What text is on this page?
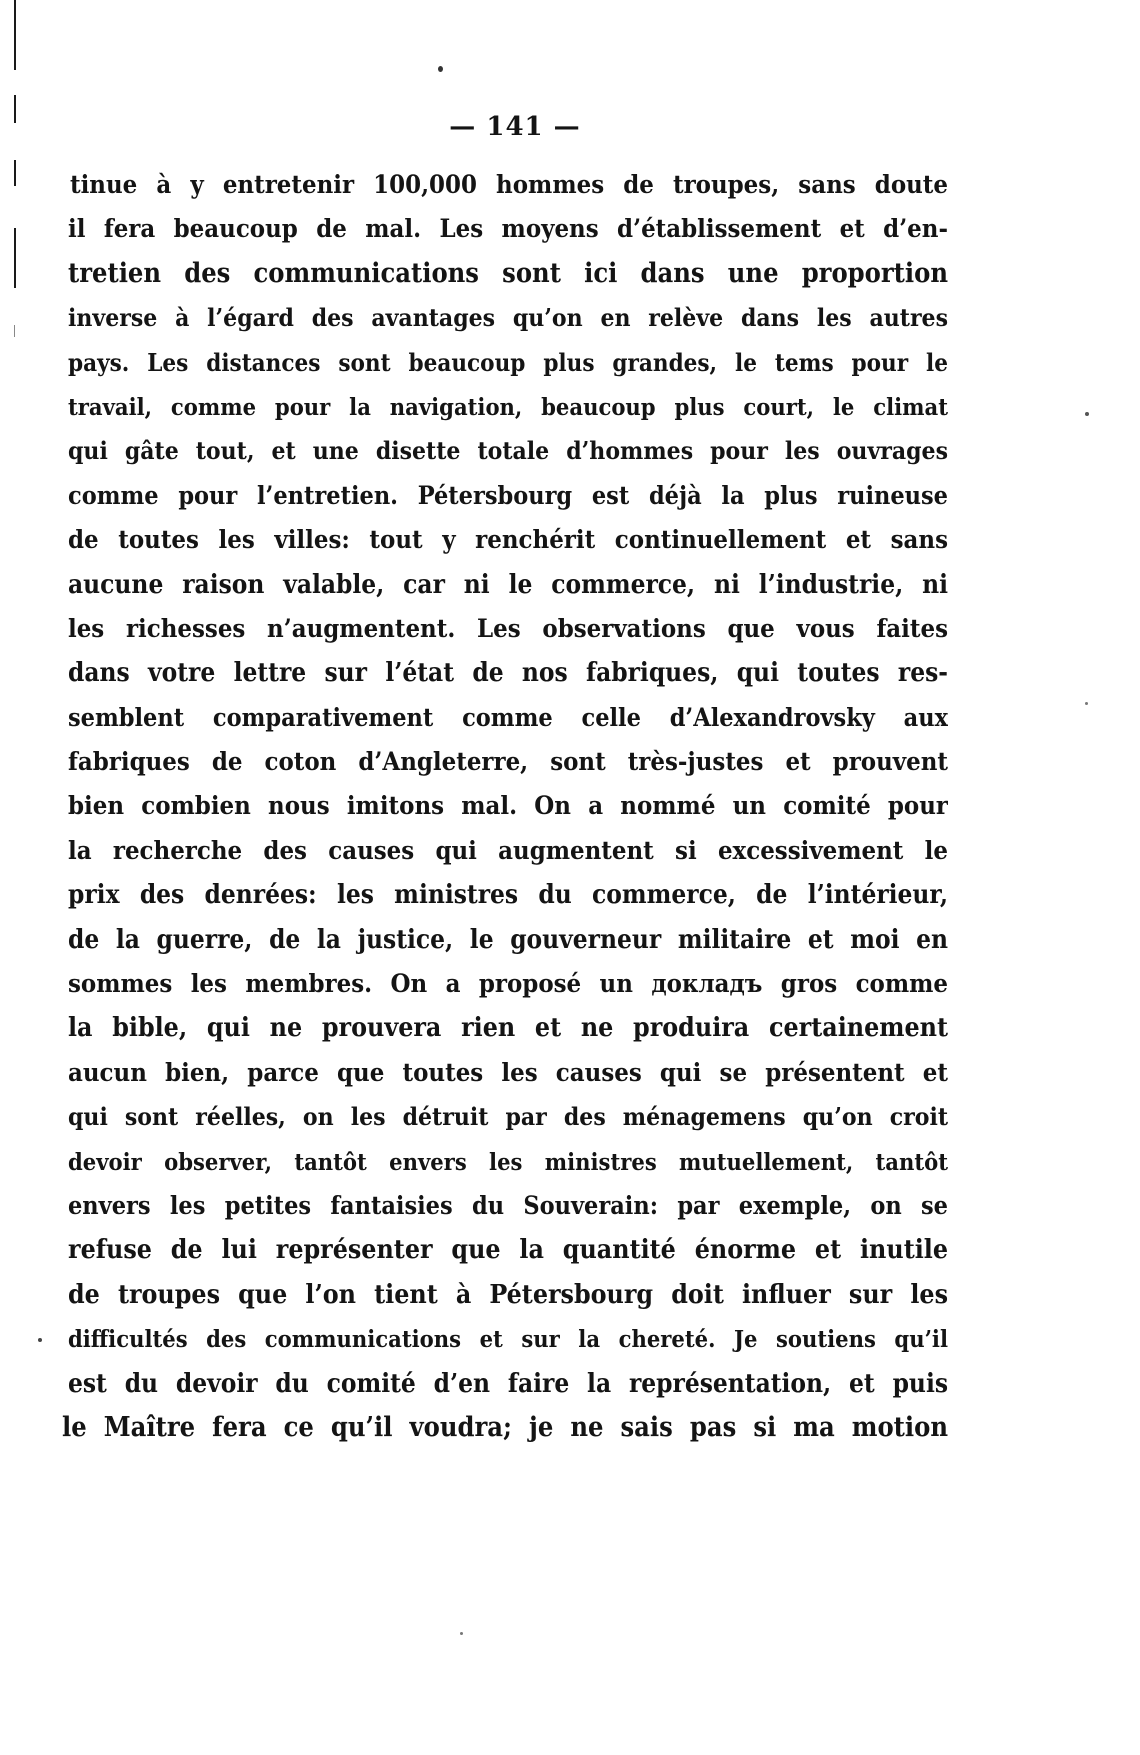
— 141 —
tinue à y entretenir 100,000 hommes de troupes, sans doute
il fera beaucoup de mal. Les moyens d’établissement et d’en-
tretien des communications sont ici dans une proportion
inverse à l’égard des avantages qu’on en relève dans les autres
pays. Les distances sont beaucoup plus grandes, le tems pour le
travail, comme pour la navigation, beaucoup plus court, le climat
qui gâte tout, et une disette totale d’hommes pour les ouvrages
comme pour l’entretien. Pétersbourg est déjà la plus ruineuse
de toutes les villes: tout y renchérit continuellement et sans
aucune raison valable, car ni le commerce, ni l’industrie, ni
les richesses n’augmentent. Les observations que vous faites
dans votre lettre sur l’état de nos fabriques, qui toutes res-
semblent comparativement comme celle d’Alexandrovsky aux
fabriques de coton d’Angleterre, sont très-justes et prouvent
bien combien nous imitons mal. On a nommé un comité pour
la recherche des causes qui augmentent si excessivement le
prix des denrées: les ministres du commerce, de l’intérieur,
de la guerre, de la justice, le gouverneur militaire et moi en
sommes les membres. On a proposé un докладъ gros comme
la bible, qui ne prouvera rien et ne produira certainement
aucun bien, parce que toutes les causes qui se présentent et
qui sont réelles, on les détruit par des ménagemens qu’on croit
devoir observer, tantôt envers les ministres mutuellement, tantôt
envers les petites fantaisies du Souverain: par exemple, on se
refuse de lui représenter que la quantité énorme et inutile
de troupes que l’on tient à Pétersbourg doit influer sur les
difficultés des communications et sur la chereté. Je soutiens qu’il
est du devoir du comité d’en faire la représentation, et puis
le Maître fera ce qu’il voudra; je ne sais pas si ma motion
